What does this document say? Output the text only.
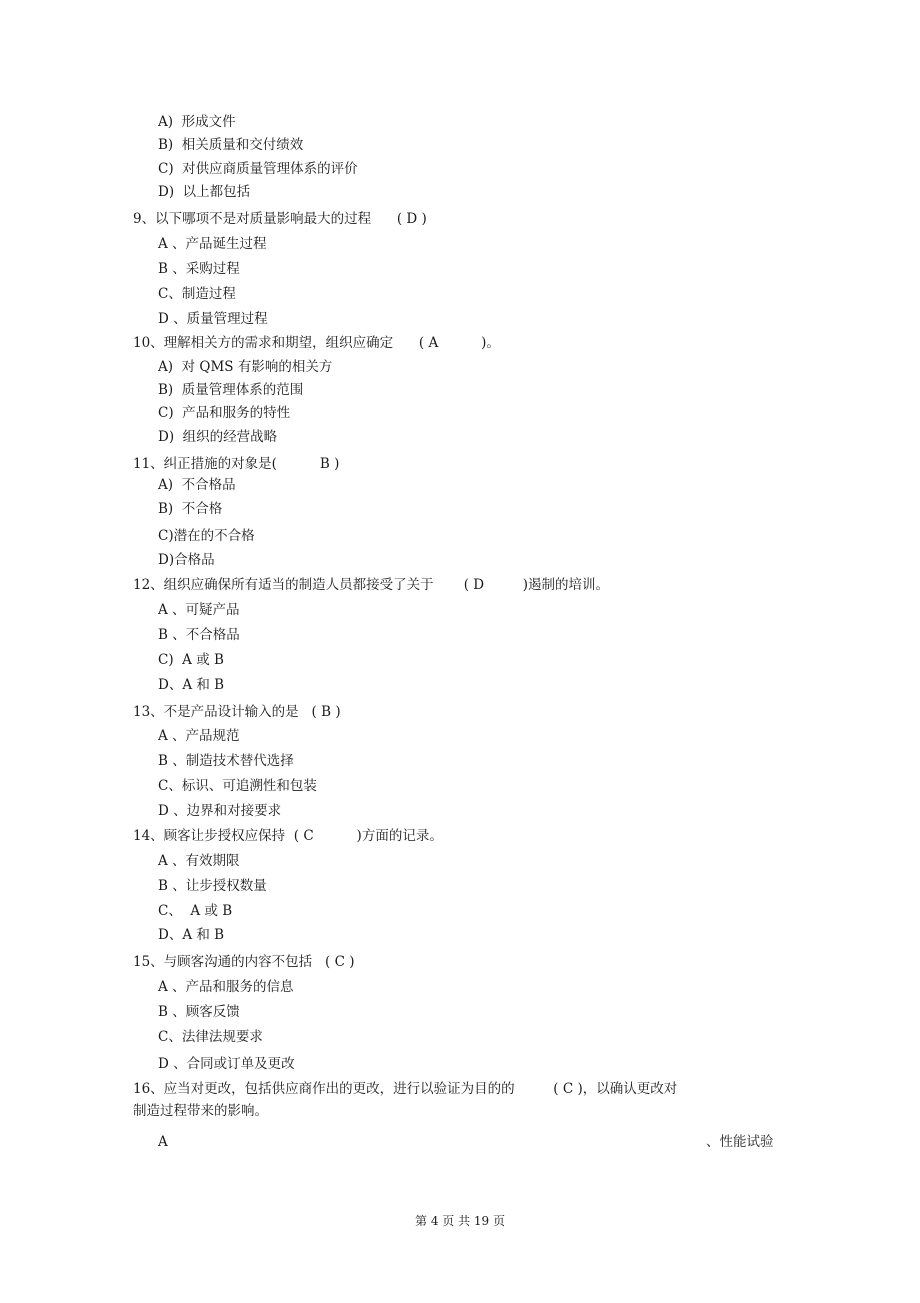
A)  形成文件
B)  相关质量和交付绩效
C)  对供应商质量管理体系的评价
D)  以上都包括
9、以下哪项不是对质量影响最大的过程      ( D )
A 、产品诞生过程
B 、采购过程
C、制造过程
D 、质量管理过程
10、理解相关方的需求和期望，组织应确定      ( A          )。
A)  对 QMS 有影响的相关方
B)  质量管理体系的范围
C)  产品和服务的特性
D)  组织的经营战略
11、纠正措施的对象是(          B )
A)  不合格品
B)  不合格
C)潜在的不合格
D)合格品
12、组织应确保所有适当的制造人员都接受了关于       ( D         )遏制的培训。
A 、可疑产品
B 、不合格品
C)  A 或 B
D、A 和 B
13、不是产品设计输入的是   ( B )
A 、产品规范
B 、制造技术替代选择
C、标识、可追溯性和包装
D 、边界和对接要求
14、顾客让步授权应保持  ( C          )方面的记录。
A 、有效期限
B 、让步授权数量
C、  A 或 B
D、A 和 B
15、与顾客沟通的内容不包括   ( C )
A 、产品和服务的信息
B 、顾客反馈
C、法律法规要求
D 、合同或订单及更改
16、应当对更改，包括供应商作出的更改，进行以验证为目的的         ( C )，以确认更改对
制造过程带来的影响。
A	、性能试验
第 4 页 共 19 页
